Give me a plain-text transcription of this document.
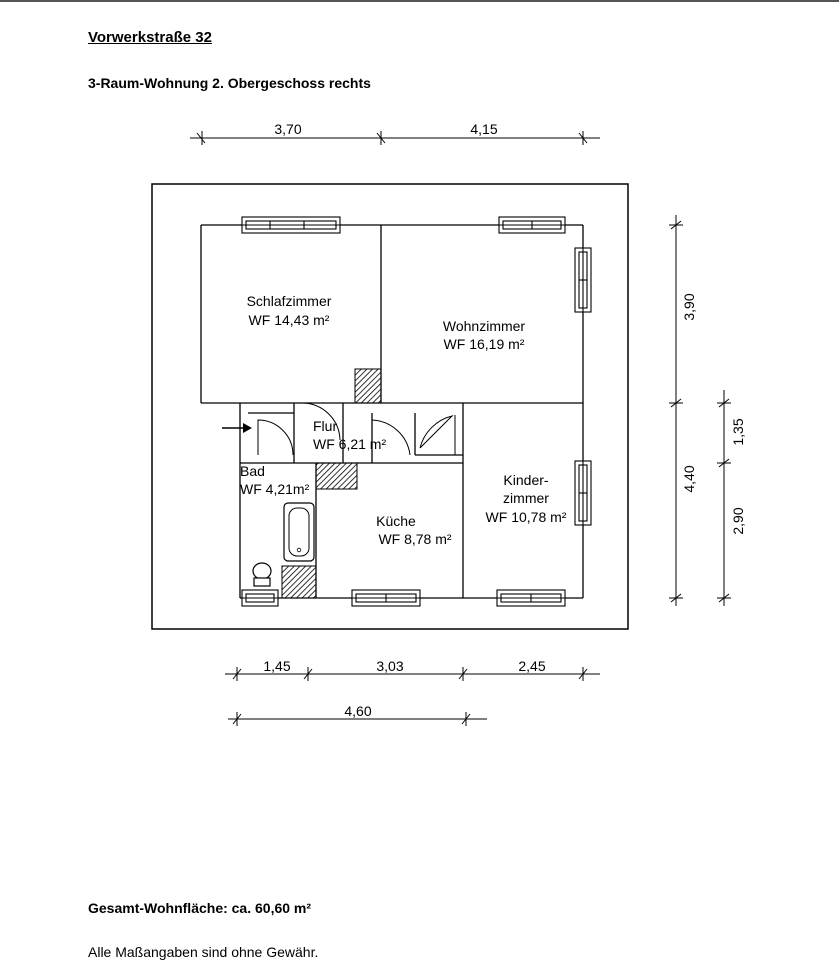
Vorwerkstraße 32
3-Raum-Wohnung 2. Obergeschoss rechts
Schlafzimmer
WF 14,43 m²	Wohnzimmer
WF 16,19 m²
Flur
WF 6,21 m²
Bad
WF 4,21m²
Küche
WF 8,78 m²
Kinder-
zimmer
WF 10,78 m²
3,70	4,15
3,90
4,40
1,35
2,90
1,45	3,03	2,45
4,60
Gesamt-Wohnfläche: ca. 60,60 m²
Alle Maßangaben sind ohne Gewähr.
